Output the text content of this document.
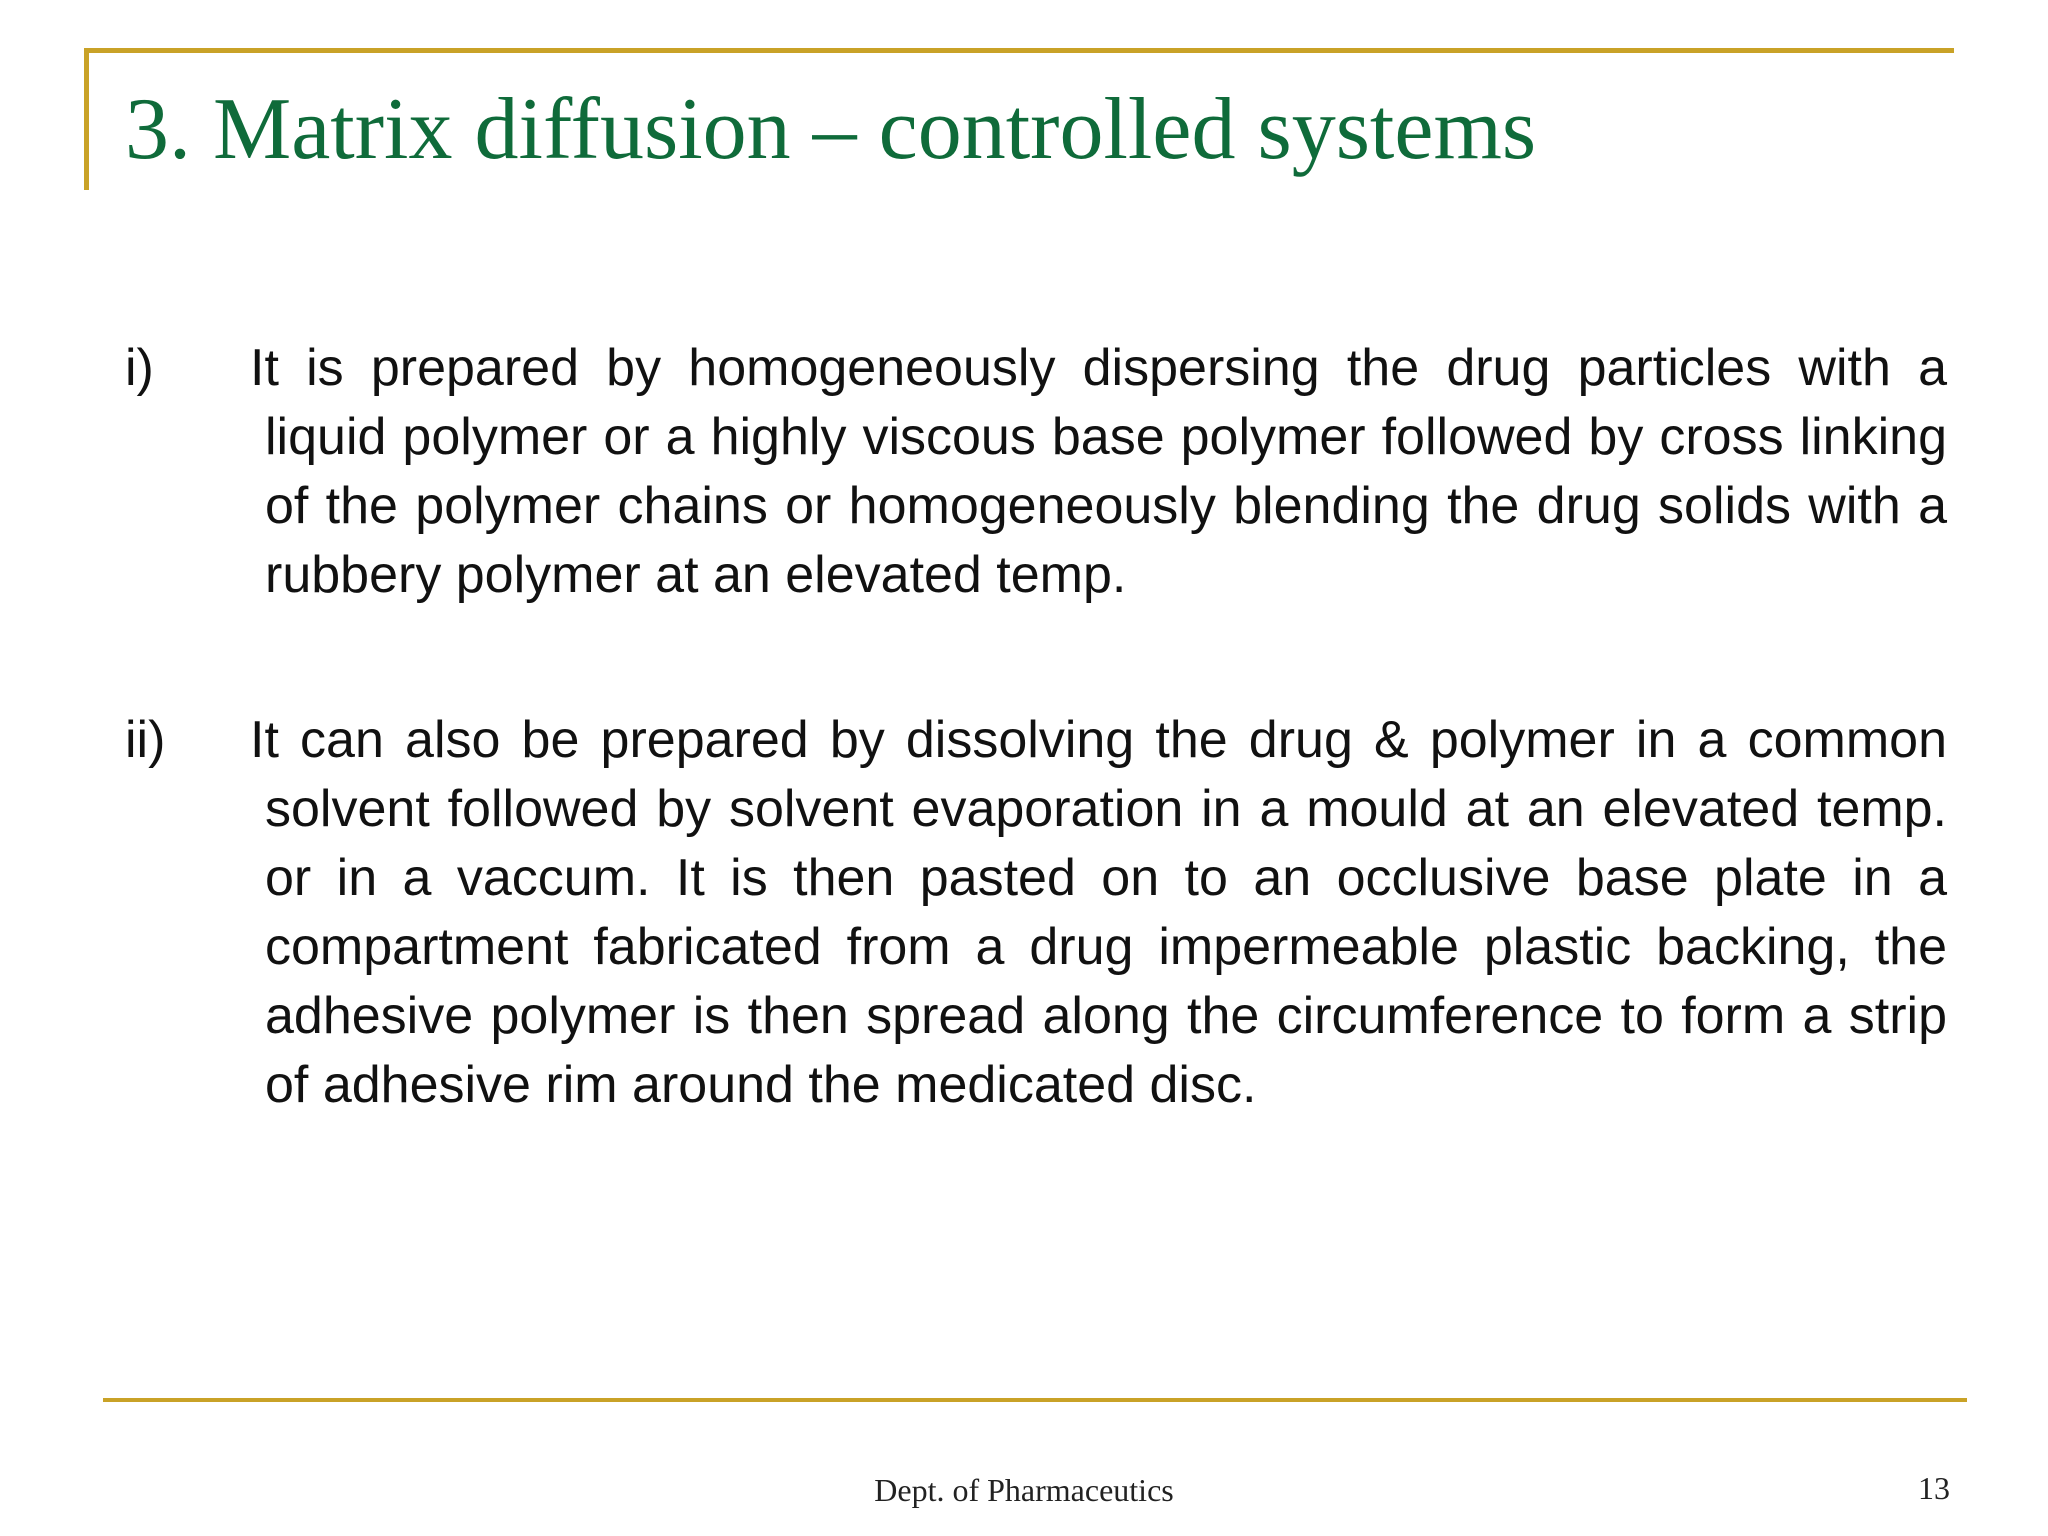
3. Matrix diffusion – controlled systems
i)	It is prepared by homogeneously dispersing the drug particles with a liquid polymer or a highly viscous base polymer followed by cross linking of the polymer chains or homogeneously blending the drug solids with a rubbery polymer at an elevated temp.

ii)	It can also be prepared by dissolving the drug & polymer in a common solvent followed by solvent evaporation in a mould at an elevated temp. or in a vaccum. It is then pasted on to an occlusive base plate in a compartment fabricated from a drug impermeable plastic backing, the adhesive polymer is then spread along the circumference to form a strip of adhesive rim around the medicated disc.

Dept. of Pharmaceutics	13
